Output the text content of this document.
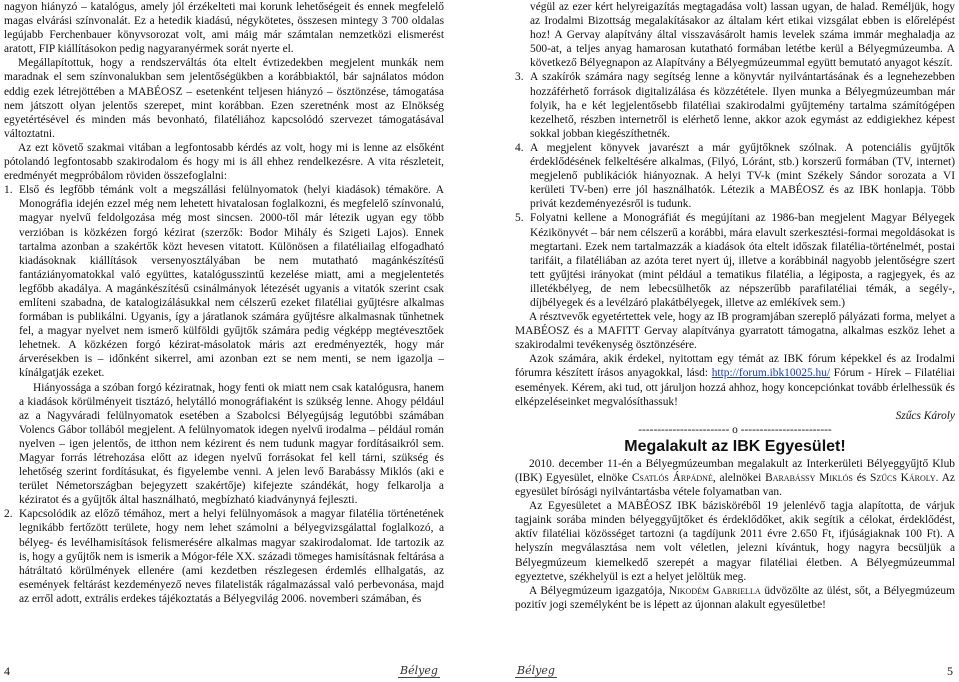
nagyon hiányzó – katalógus, amely jól érzékelteti mai korunk lehetőségeit és ennek megfelelő magas elvárási színvonalát. Ez a hetedik kiadású, négykötetes, összesen mintegy 3 700 oldalas legújabb Ferchenbauer könyvsorozat volt, ami máig már számtalan nemzetközi elismerést aratott, FIP kiállításokon pedig nagyaranyérmek sorát nyerte el.

Megállapítottuk, hogy a rendszerváltás óta eltelt évtizedekben megjelent munkák nem maradnak el sem színvonalukban sem jelentőségükben a korábbiaktól, bár sajnálatos módon eddig ezek létrejöttében a MABÉOSZ – esetenként teljesen hiányzó – ösztönzése, támogatása nem játszott olyan jelentős szerepet, mint korábban. Ezen szeretnénk most az Elnökség egyetértésével és minden más bevonható, filatéliához kapcsolódó szervezet támogatásával változtatni.

Az ezt követő szakmai vitában a legfontosabb kérdés az volt, hogy mi is lenne az elsőként pótolandó legfontosabb szakirodalom és hogy mi is áll ehhez rendelkezésre. A vita részleteit, eredményét megpróbálom röviden összefoglalni:

1. Első és legfőbb témánk volt a megszállási felülnyomatok (helyi kiadások) témaköre. A Monográfia idején ezzel még nem lehetett hivatalosan foglalkozni, és megfelelő színvonalú, magyar nyelvű feldolgozása még most sincsen. 2000-től már létezik ugyan egy több verzióban is közkézen forgó kézirat (szerzők: Bodor Mihály és Szigeti Lajos). Ennek tartalma azonban a szakértők közt hevesen vitatott. Különösen a filatéliailag elfogadható kiadásoknak kiállítások versenyosztályában be nem mutatható magánkészítésű fantáziányomatokkal való együttes, katalógusszintű kezelése miatt, ami a megjelentetés legfőbb akadálya. A magánkészítésű csinálmányok létezését ugyanis a vitatók szerint csak említeni szabadna, de katalogizálásukkal nem célszerű ezeket filatéliai gyűjtésre alkalmas formában is publikálni. Ugyanis, így a járatlanok számára gyűjtésre alkalmasnak tűnhetnek fel, a magyar nyelvet nem ismerő külföldi gyűjtők számára pedig végképp megtévesztőek lehetnek. A közkézen forgó kézirat-másolatok máris azt eredményezték, hogy már árverésekben is – időnként sikerrel, ami azonban ezt se nem menti, se nem igazolja – kínálgatják ezeket.

Hiányossága a szóban forgó kéziratnak, hogy fenti ok miatt nem csak katalógusra, hanem a kiadások körülményeit tisztázó, helytálló monográfiaként is szükség lenne. Ahogy például az a Nagyváradi felülnyomatok esetében a Szabolcsi Bélyegújság legutóbbi számában Volencs Gábor tollából megjelent. A felülnyomatok idegen nyelvű irodalma – például román nyelven – igen jelentős, de itthon nem kézirent és nem tudunk magyar fordításaikról sem. Magyar forrás létrehozása előtt az idegen nyelvű forrásokat fel kell tárni, szükség és lehetőség szerint fordításukat, és figyelembe venni. A jelen levő Barabássy Miklós (aki e terület Németországban bejegyzett szakértője) kifejezte szándékát, hogy felkarolja a kéziratot és a gyűjtők által használható, megbízható kiadványnyá fejleszti.

2. Kapcsolódik az előző témához, mert a helyi felülnyomások a magyar filatélia történetének legnikább fertőzött területe, hogy nem lehet számolni a bélyegvizsgálattal foglalkozó, a bélyeg- és levélhamisítások felismerésére alkalmas magyar szakirodalomat. Ide tartozik az is, hogy a gyűjtők nem is ismerik a Mógor-féle XX. századi tömeges hamisításnak feltárása a hátráltató körülmények ellenére (ami kezdetben részlegesen érdemlés ellhalgatás, az események feltárást kezdeményező neves filatelisták rágalmazással való perbevonása, majd az erről adott, extrális erdekes tájékoztatás a Bélyegvilág 2006. novemberi számában, és

végül az ezer kért helyreigazítás megtagadása volt) lassan ugyan, de halad. Reméljük, hogy az Irodalmi Bizottság megalakításakor az általam kért etikai vizsgálat ebben is előrelépést hoz! A Gervay alapítvány által visszavásárolt hamis levelek száma immár meghaladja az 500-at, a teljes anyag hamarosan kutatható formában letétbe kerül a Bélyegmúzeumba. A következő Bélyegnapon az Alapítvány a Bélyegmúzeummal együtt bemutató anyagot készít.

3. A szakírók számára nagy segítség lenne a könyvtár nyilvántartásának és a legnehezebben hozzáférhető források digitalizálása és közzététele. Ilyen munka a Bélyegmúzeumban már folyik, ha e két legjelentősebb filatéliai szakirodalmi gyűjtemény tartalma számítógépen kezelhető, részben internetről is elérhető lenne, akkor azok egymást az eddigiekhez képest sokkal jobban kiegészíthetnék.
4. A megjelent könyvek javarészt a már gyűjtőknek szólnak. A potenciális gyűjtők érdeklődésének felkeltésére alkalmas, (Filyó, Lóránt, stb.) korszerű formában (TV, internet) megjelenő publikációk hiányoznak. A helyi TV-k (mint Székely Sándor sorozata a VI kerületi TV-ben) erre jól használhatók. Létezik a MABÉOSZ és az IBK honlapja. Több privát kezdeményezésről is tudunk.
5. Folyatni kellene a Monográfiát és megújítani az 1986-ban megjelent Magyar Bélyegek Kézikönyvét – bár nem célszerű a korábbi, mára elavult szerkesztési-formai megoldásokat is megtartani. Ezek nem tartalmazzák a kiadások óta eltelt időszak filatélia-történelmét, postai tarifáit, a filatéliában az azóta teret nyert új, illetve a korábbinál nagyobb jelentőségre szert tett gyűjtési irányokat (mint például a tematikus filatélia, a légiposta, a ragjegyek, és az illetékbélyeg, de nem lebecsülhetők az népszerűbb parafilatéliai témák, a segély-, díjbélyegek és a levélzáró plakátbélyegek, illetve az emlékívek sem.)

A résztvevők egyetértettek vele, hogy az IB programjában szereplő pályázati forma, melyet a MABÉOSZ és a MAFITT Gervay alapítványa gyarratott támogatna, alkalmas eszköz lehet a szakirodalmi tevékenység ösztönzésére.

Azok számára, akik érdekel, nyitottam egy témát az IBK fórum képekkel és az Irodalmi fórumra készített írásos anyagokkal, lásd: http://forum.ibk10025.hu/ Fórum - Hírek – Filatéliai események. Kérem, aki tud, ott járuljon hozzá ahhoz, hogy koncepciónkat tovább érlelhessük és elképzeléseinket megvalósíthassuk!

Szűcs Károly

------------------------ o ------------------------

Megalakult az IBK Egyesület!

2010. december 11-én a Bélyegmúzeumban megalakult az Interkerületi Bélyeggyűjtő Klub (IBK) Egyesület, elnöke Csatlós Árpádné, alelnökei Barabássy Miklós és Szűcs Károly. Az egyesület bírósági nyilvántartásba vétele folyamatban van.

Az Egyesületet a MABÉOSZ IBK bázisköréből 19 jelenlévő tagja alapította, de várjuk tagjaink sorába minden bélyeggyűjtőket és érdeklődőket, akik segítik a célokat, érdeklődést, aktív filatéliai közösséget tartozni (a tagdíjunk 2011 évre 2.650 Ft, ifjúságiaknak 100 Ft). A helyszín megválasztása nem volt véletlen, jelezni kívántuk, hogy nagyra becsüljük a Bélyegmúzeum kiemelkedő szerepét a magyar filatéliai életben. A Bélyegmúzeummal egyeztetve, székhelyül is ezt a helyet jelöltük meg.

A Bélyegmúzeum igazgatója, Nikodém Gabriella üdvözölte az ülést, sőt, a Bélyegmúzeum pozitív jogi személyként be is lépett az újonnan alakult egyesületbe!

4	Bélyeg	Bélyeg	5
